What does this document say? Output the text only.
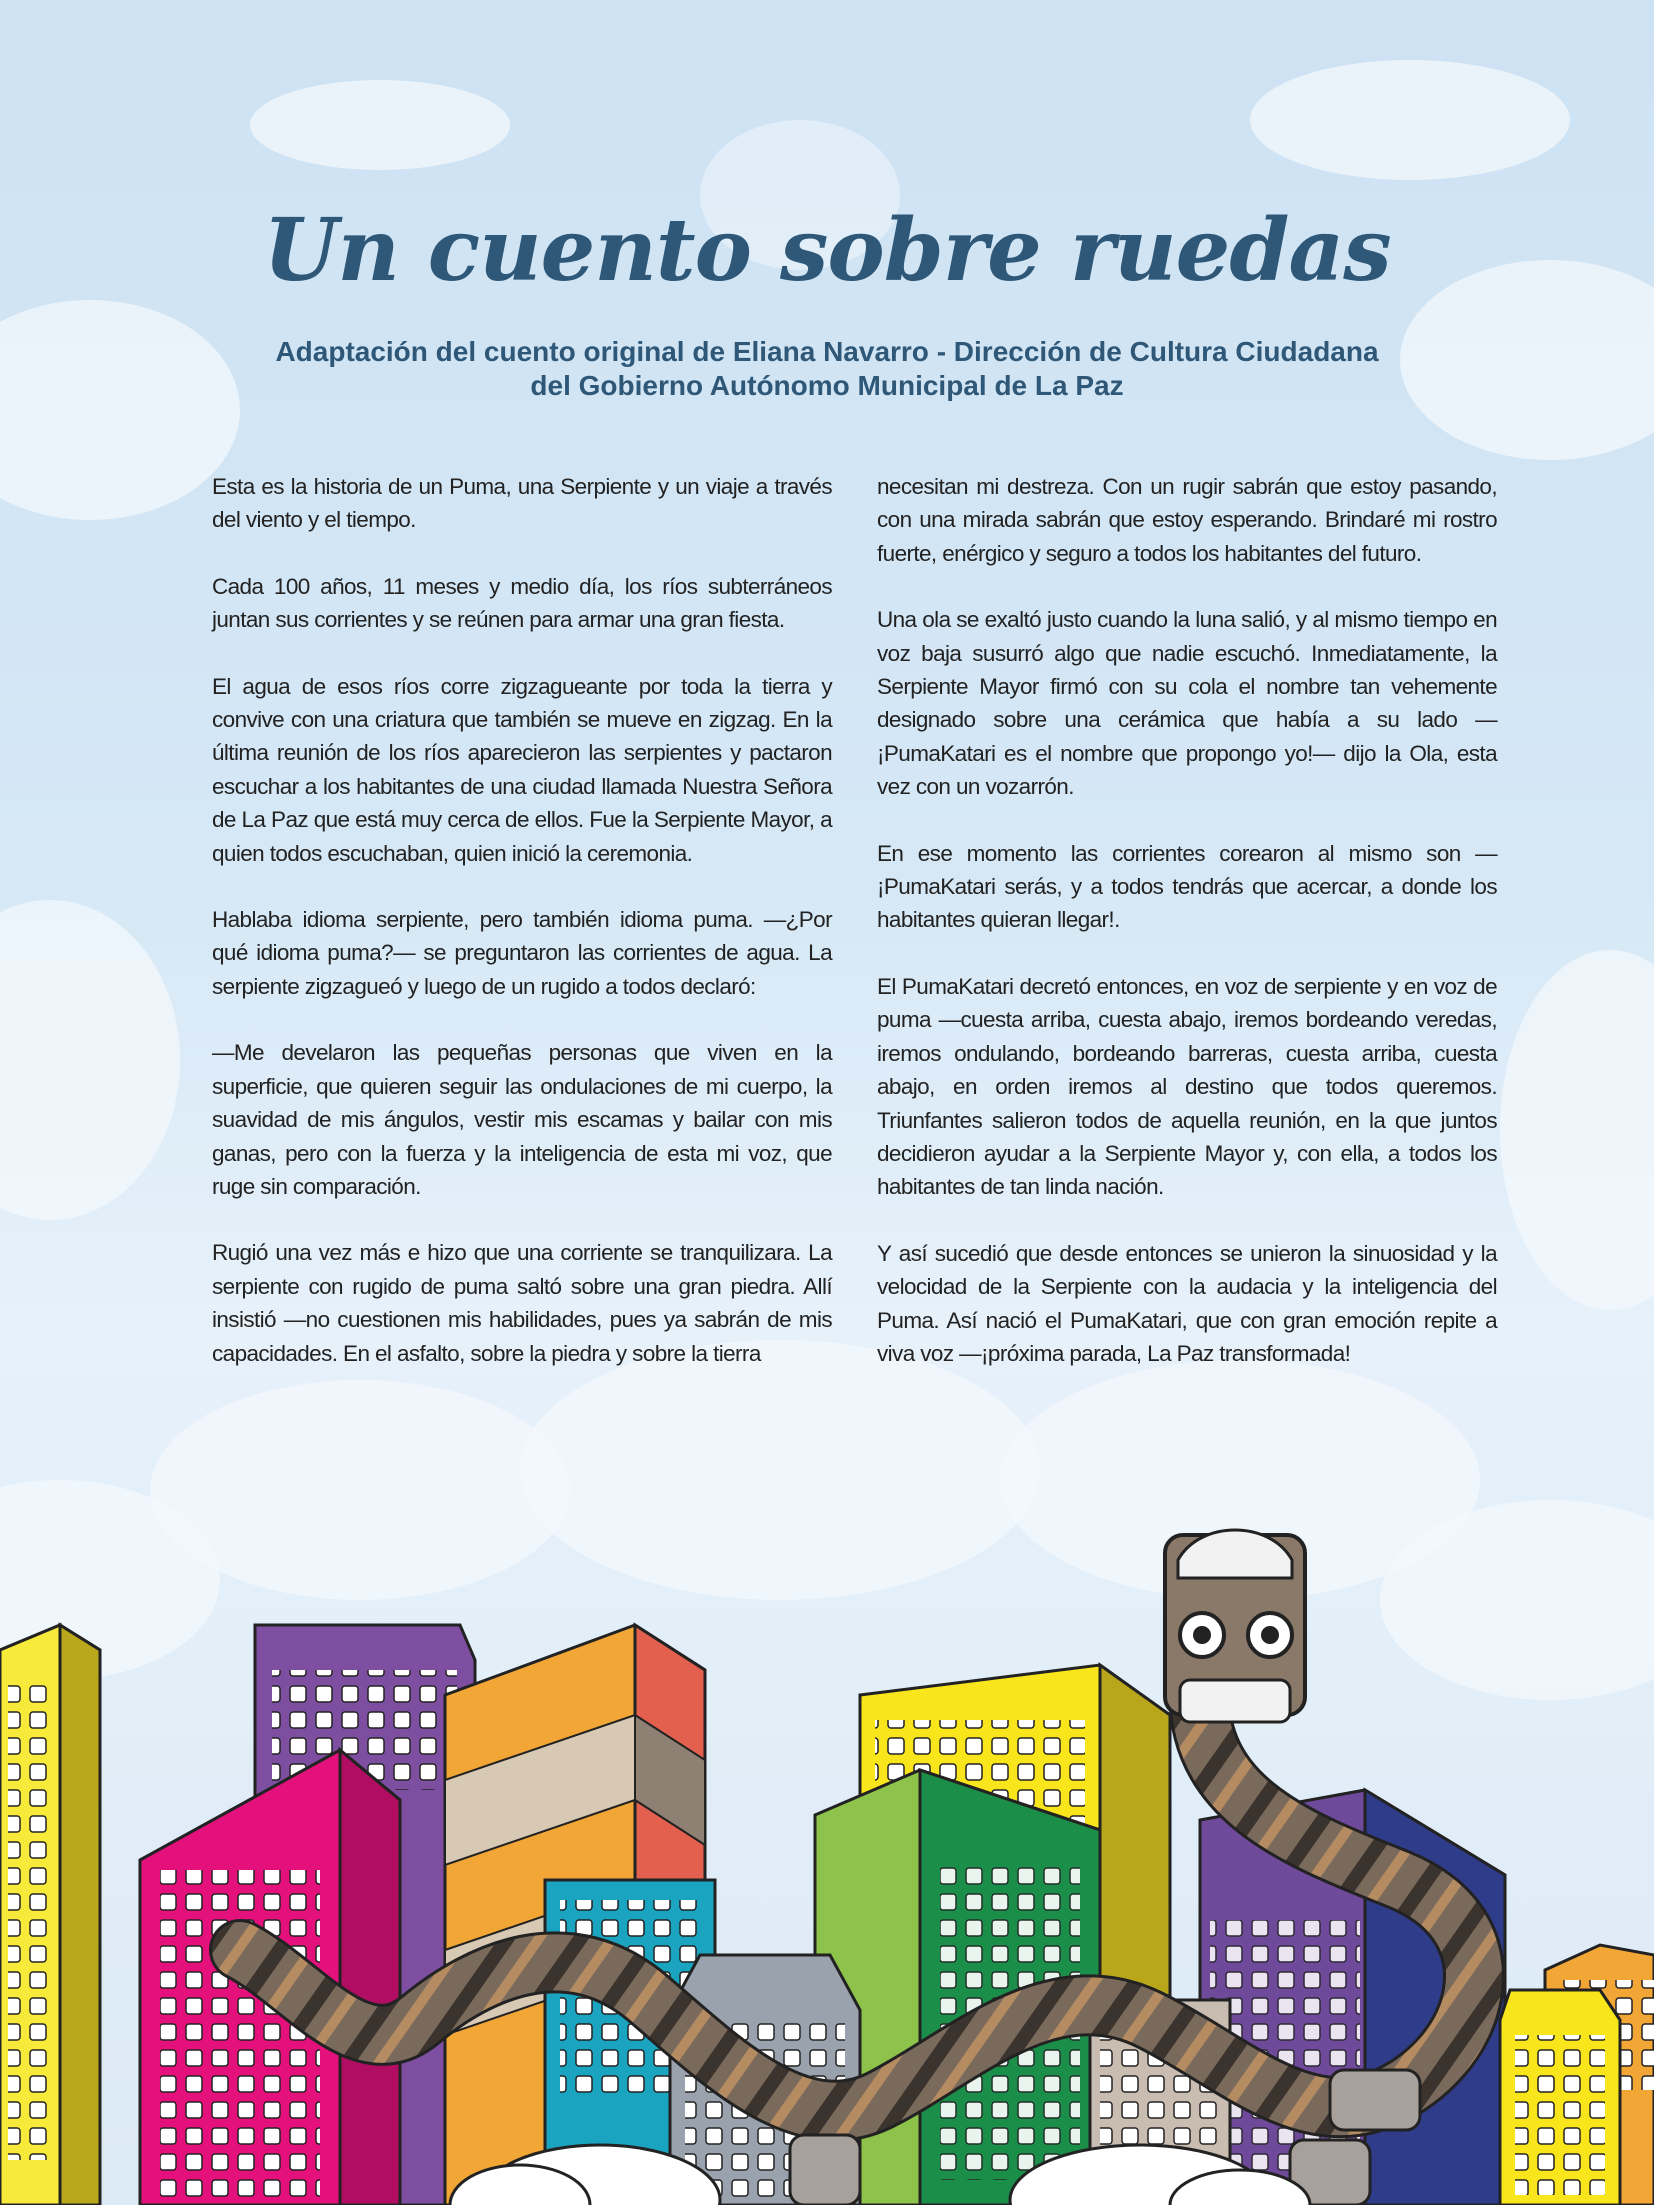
Un cuento sobre ruedas
Adaptación del cuento original de Eliana Navarro - Dirección de Cultura Ciudadana
del Gobierno Autónomo Municipal de La Paz

Esta es la historia de un Puma, una Serpiente y un viaje a través del viento y el tiempo.

Cada 100 años, 11 meses y medio día, los ríos subterráneos juntan sus corrientes y se reúnen para armar una gran fiesta.

El agua de esos ríos corre zigzagueante por toda la tierra y convive con una criatura que también se mueve en zigzag. En la última reunión de los ríos aparecieron las serpientes y pactaron escuchar a los habitantes de una ciudad llamada Nuestra Señora de La Paz que está muy cerca de ellos. Fue la Serpiente Mayor, a quien todos escuchaban, quien inició la ceremonia.

Hablaba idioma serpiente, pero también idioma puma. —¿Por qué idioma puma?— se preguntaron las corrientes de agua. La serpiente zigzagueó y luego de un rugido a todos declaró:

—Me develaron las pequeñas personas que viven en la superficie, que quieren seguir las ondulaciones de mi cuerpo, la suavidad de mis ángulos, vestir mis escamas y bailar con mis ganas, pero con la fuerza y la inteligencia de esta mi voz, que ruge sin comparación.

Rugió una vez más e hizo que una corriente se tranquilizara. La serpiente con rugido de puma saltó sobre una gran piedra. Allí insistió —no cuestionen mis habilidades, pues ya sabrán de mis capacidades. En el asfalto, sobre la piedra y sobre la tierra

necesitan mi destreza. Con un rugir sabrán que estoy pasando, con una mirada sabrán que estoy esperando. Brindaré mi rostro fuerte, enérgico y seguro a todos los habitantes del futuro.

Una ola se exaltó justo cuando la luna salió, y al mismo tiempo en voz baja susurró algo que nadie escuchó. Inmediatamente, la Serpiente Mayor firmó con su cola el nombre tan vehemente designado sobre una cerámica que había a su lado —¡PumaKatari es el nombre que propongo yo!— dijo la Ola, esta vez con un vozarrón.

En ese momento las corrientes corearon al mismo son —¡PumaKatari serás, y a todos tendrás que acercar, a donde los habitantes quieran llegar!.

El PumaKatari decretó entonces, en voz de serpiente y en voz de puma —cuesta arriba, cuesta abajo, iremos bordeando veredas, iremos ondulando, bordeando barreras, cuesta arriba, cuesta abajo, en orden iremos al destino que todos queremos. Triunfantes salieron todos de aquella reunión, en la que juntos decidieron ayudar a la Serpiente Mayor y, con ella, a todos los habitantes de tan linda nación.

Y así sucedió que desde entonces se unieron la sinuosidad y la velocidad de la Serpiente con la audacia y la inteligencia del Puma. Así nació el PumaKatari, que con gran emoción repite a viva voz —¡próxima parada, La Paz transformada!
